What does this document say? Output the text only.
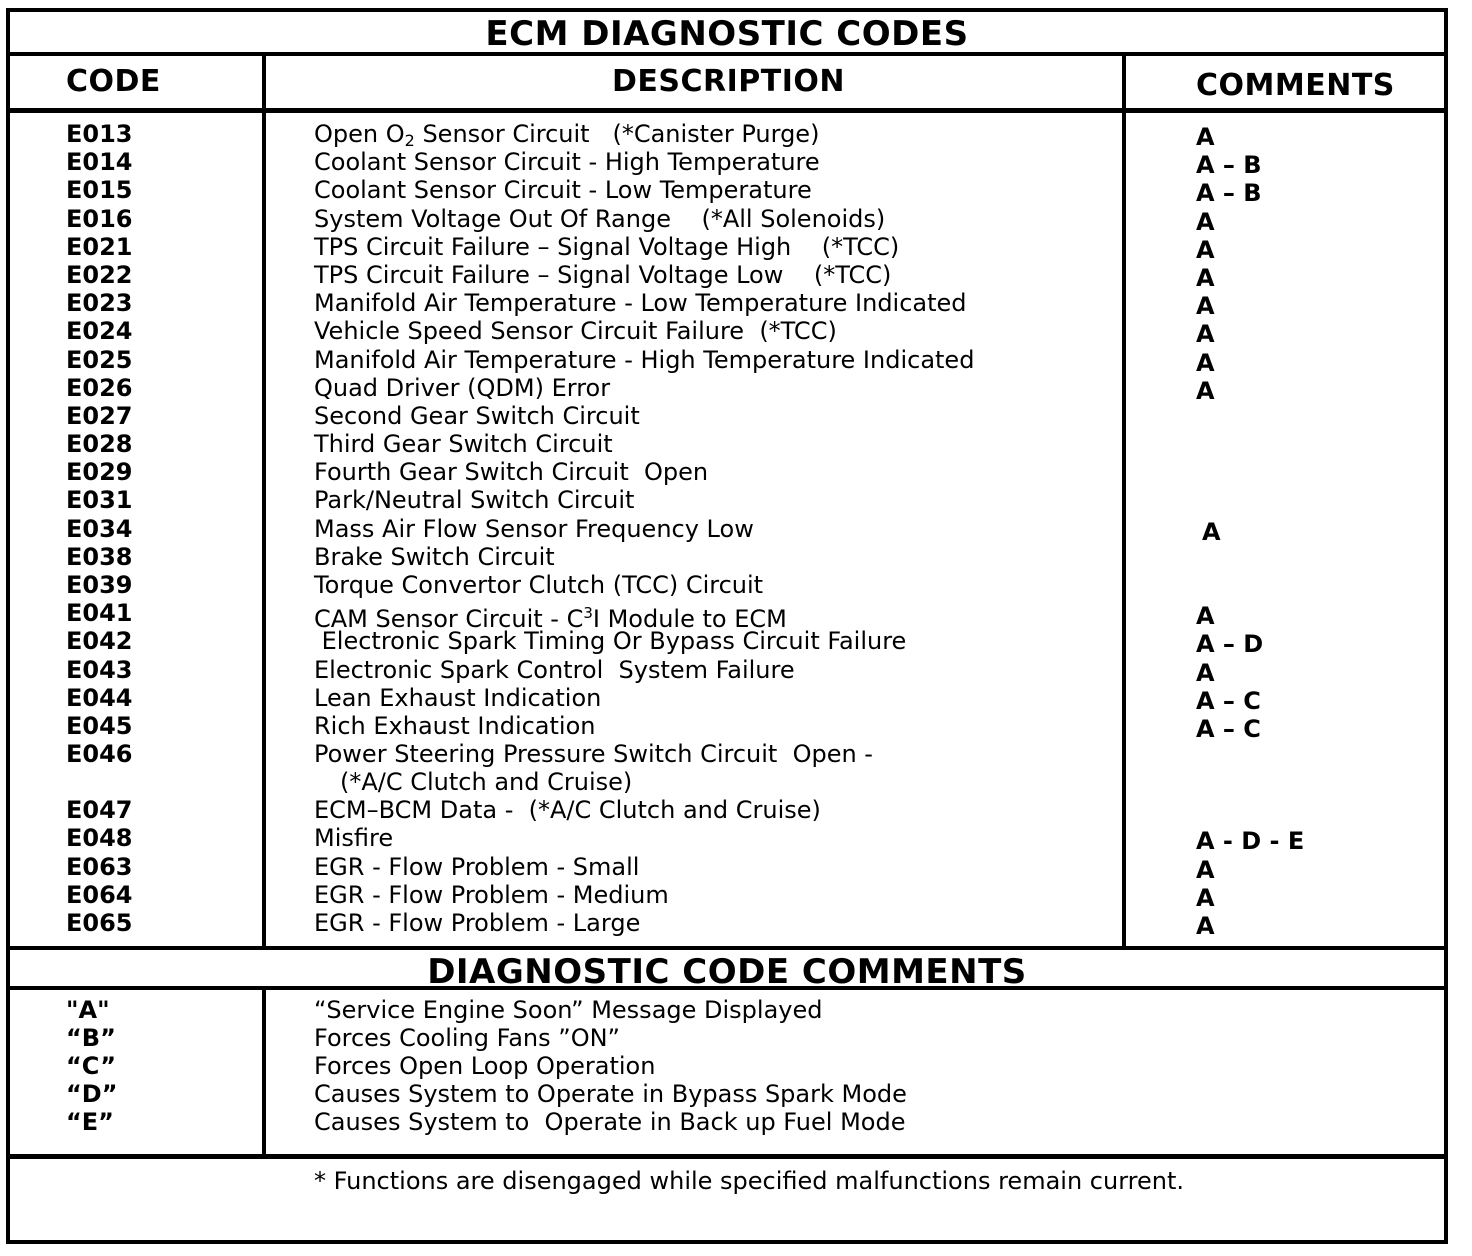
ECM DIAGNOSTIC CODES
CODE	DESCRIPTION	COMMENTS
E013	Open $O_2$ Sensor Circuit   (*Canister Purge)	A
E014	Coolant Sensor Circuit - High Temperature	A – B
E015	Coolant Sensor Circuit - Low Temperature	A – B
E016	System Voltage Out Of Range    (*All Solenoids)	A
E021	TPS Circuit Failure – Signal Voltage High    (*TCC)	A
E022	TPS Circuit Failure – Signal Voltage Low    (*TCC)	A
E023	Manifold Air Temperature - Low Temperature Indicated	A
E024	Vehicle Speed Sensor Circuit Failure  (*TCC)	A
E025	Manifold Air Temperature - High Temperature Indicated	A
E026	Quad Driver (QDM) Error	A
E027	Second Gear Switch Circuit
E028	Third Gear Switch Circuit
E029	Fourth Gear Switch Circuit  Open
E031	Park/Neutral Switch Circuit
E034	Mass Air Flow Sensor Frequency Low	A
E038	Brake Switch Circuit
E039	Torque Convertor Clutch (TCC) Circuit
E041	CAM Sensor Circuit - $C^3I$ Module to ECM	A
E042	Electronic Spark Timing Or Bypass Circuit Failure	A – D
E043	Electronic Spark Control  System Failure	A
E044	Lean Exhaust Indication	A – C
E045	Rich Exhaust Indication	A – C
E046	Power Steering Pressure Switch Circuit  Open -
(*A/C Clutch and Cruise)
E047	ECM–BCM Data -  (*A/C Clutch and Cruise)
E048	Misfire	A - D - E
E063	EGR - Flow Problem - Small	A
E064	EGR - Flow Problem - Medium	A
E065	EGR - Flow Problem - Large	A
DIAGNOSTIC CODE COMMENTS
"A"	“Service Engine Soon” Message Displayed
“B”	Forces Cooling Fans ”ON”
“C”	Forces Open Loop Operation
“D”	Causes System to Operate in Bypass Spark Mode
“E”	Causes System to  Operate in Back up Fuel Mode
* Functions are disengaged while specified malfunctions remain current.
